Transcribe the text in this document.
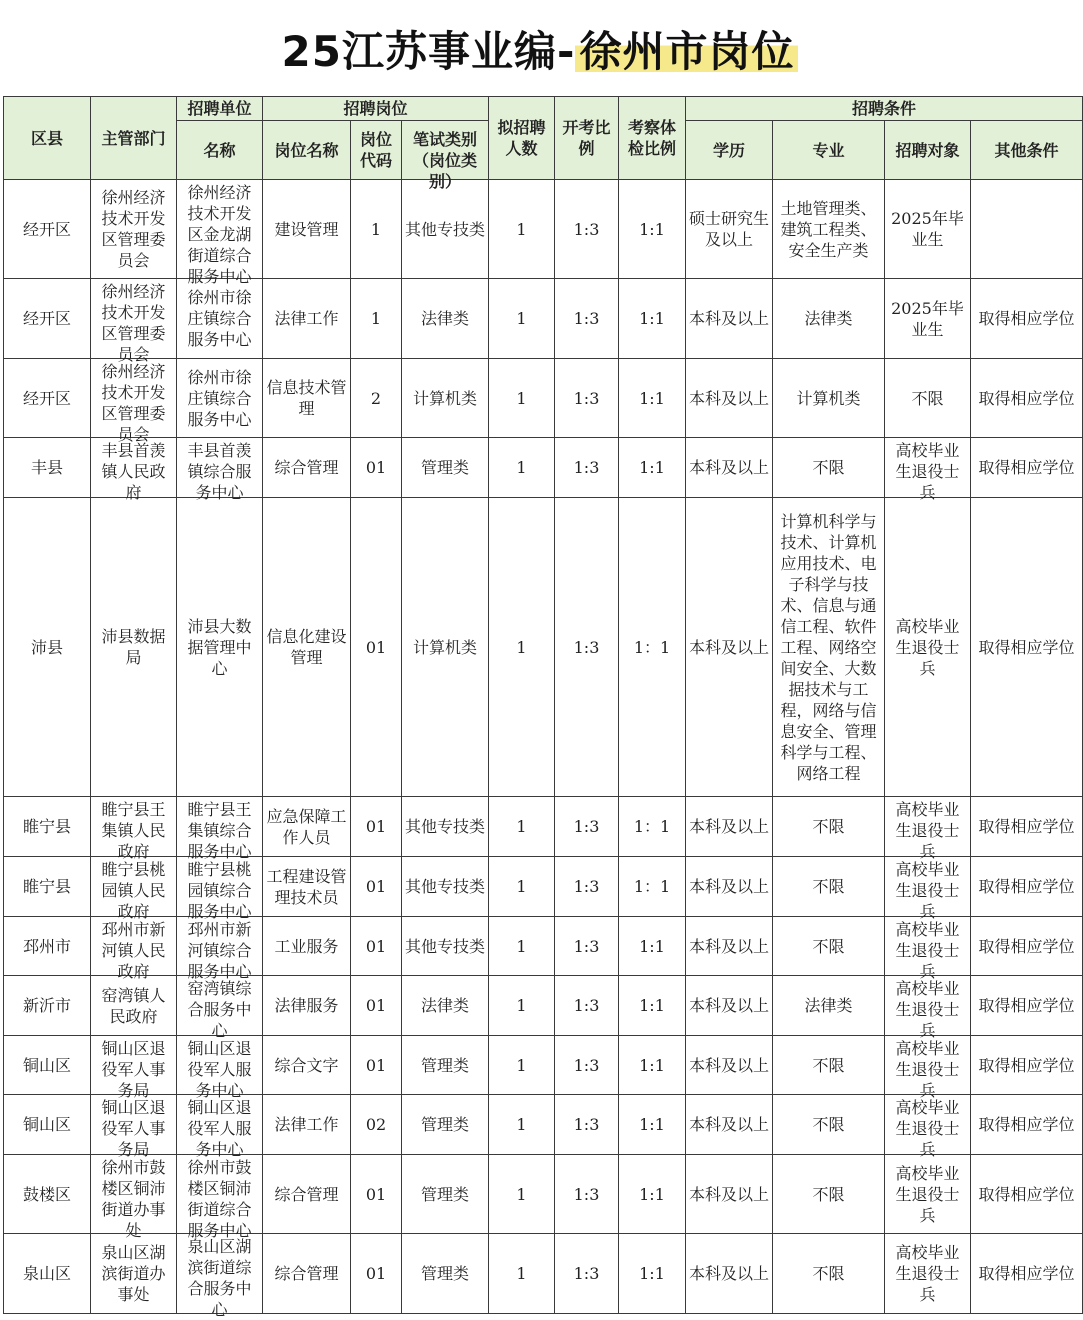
25江苏事业编-徐州市岗位
区县	主管部门	招聘单位	招聘岗位			拟招聘人数	开考比例	考察体检比例	招聘条件			
		名称	岗位名称	岗位代码	笔试类别（岗位类别）				学历	专业	招聘对象	其他条件

经开区	徐州经济技术开发区管理委员会	徐州经济技术开发区金龙湖街道综合服务中心	建设管理	1	其他专技类	1	1:3	1:1	硕士研究生及以上	土地管理类、建筑工程类、安全生产类	2025年毕业生	

经开区	徐州经济技术开发区管理委员会	徐州市徐庄镇综合服务中心	法律工作	1	法律类	1	1:3	1:1	本科及以上	法律类	2025年毕业生	取得相应学位

经开区	徐州经济技术开发区管理委员会	徐州市徐庄镇综合服务中心	信息技术管理	2	计算机类	1	1:3	1:1	本科及以上	计算机类	不限	取得相应学位

丰县	丰县首羡镇人民政府	丰县首羡镇综合服务中心	综合管理	01	管理类	1	1:3	1:1	本科及以上	不限	高校毕业生退役士兵	取得相应学位

沛县	沛县数据局	沛县大数据管理中心	信息化建设管理	01	计算机类	1	1:3	1：1	本科及以上	计算机科学与技术、计算机应用技术、电子科学与技术、信息与通信工程、软件工程、网络空间安全、大数据技术与工程，网络与信息安全、管理科学与工程、网络工程	高校毕业生退役士兵	取得相应学位

睢宁县	睢宁县王集镇人民政府	睢宁县王集镇综合服务中心	应急保障工作人员	01	其他专技类	1	1:3	1：1	本科及以上	不限	高校毕业生退役士兵	取得相应学位

睢宁县	睢宁县桃园镇人民政府	睢宁县桃园镇综合服务中心	工程建设管理技术员	01	其他专技类	1	1:3	1：1	本科及以上	不限	高校毕业生退役士兵	取得相应学位

邳州市	邳州市新河镇人民政府	邳州市新河镇综合服务中心	工业服务	01	其他专技类	1	1:3	1:1	本科及以上	不限	高校毕业生退役士兵	取得相应学位

新沂市	窑湾镇人民政府	窑湾镇综合服务中心	法律服务	01	法律类	1	1:3	1:1	本科及以上	法律类	高校毕业生退役士兵	取得相应学位

铜山区	铜山区退役军人事务局	铜山区退役军人服务中心	综合文字	01	管理类	1	1:3	1:1	本科及以上	不限	高校毕业生退役士兵	取得相应学位

铜山区	铜山区退役军人事务局	铜山区退役军人服务中心	法律工作	02	管理类	1	1:3	1:1	本科及以上	不限	高校毕业生退役士兵	取得相应学位

鼓楼区	徐州市鼓楼区铜沛街道办事处	徐州市鼓楼区铜沛街道综合服务中心	综合管理	01	管理类	1	1:3	1:1	本科及以上	不限	高校毕业生退役士兵	取得相应学位

泉山区	泉山区湖滨街道办事处	泉山区湖滨街道综合服务中心	综合管理	01	管理类	1	1:3	1:1	本科及以上	不限	高校毕业生退役士兵	取得相应学位
